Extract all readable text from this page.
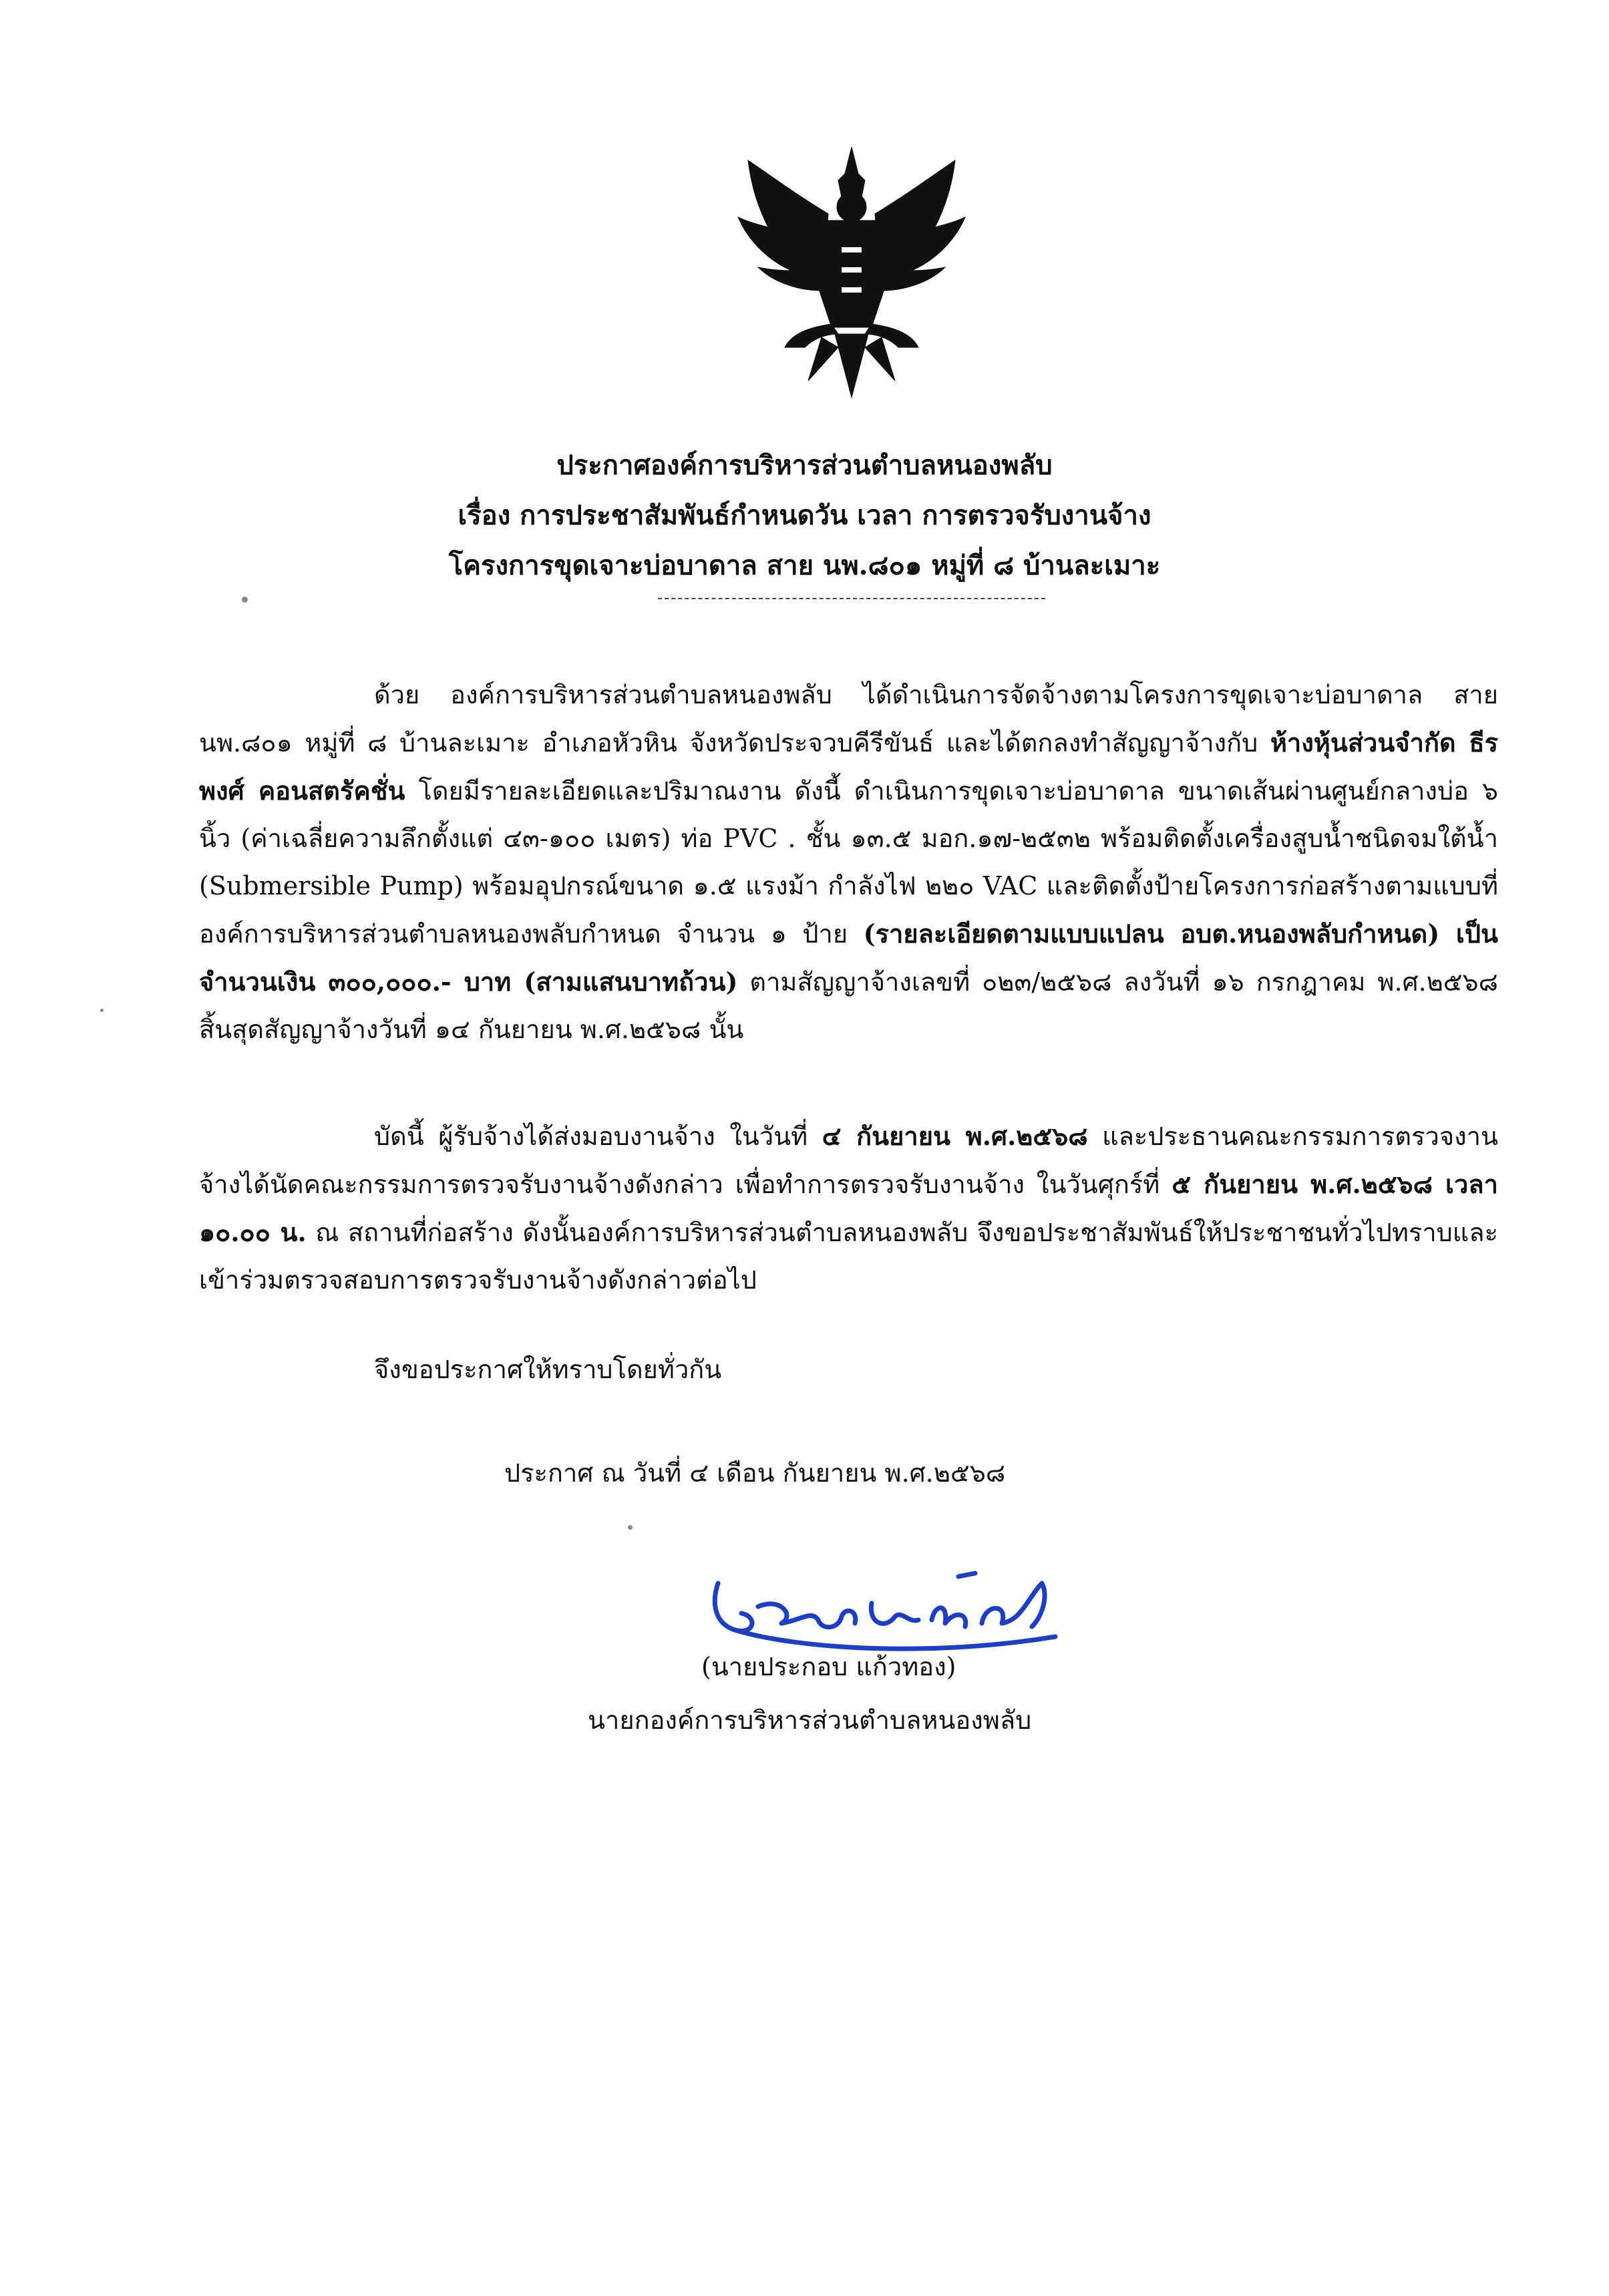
ประกาศองค์การบริหารส่วนตำบลหนองพลับ
เรื่อง การประชาสัมพันธ์กำหนดวัน เวลา การตรวจรับงานจ้าง
โครงการขุดเจาะบ่อบาดาล สาย นพ.๘๐๑ หมู่ที่ ๘ บ้านละเมาะ
ด้วย องค์การบริหารส่วนตำบลหนองพลับ ได้ดำเนินการจัดจ้างตามโครงการขุดเจาะบ่อบาดาล สาย นพ.๘๐๑ หมู่ที่ ๘ บ้านละเมาะ อำเภอหัวหิน จังหวัดประจวบคีรีขันธ์ และได้ตกลงทำสัญญาจ้างกับ ห้างหุ้นส่วนจำกัด ธีรพงศ์ คอนสตรัคชั่น โดยมีรายละเอียดและปริมาณงาน ดังนี้ ดำเนินการขุดเจาะบ่อบาดาล ขนาดเส้นผ่านศูนย์กลางบ่อ ๖ นิ้ว (ค่าเฉลี่ยความลึกตั้งแต่ ๔๓-๑๐๐ เมตร) ท่อ PVC . ชั้น ๑๓.๕ มอก.๑๗-๒๕๓๒ พร้อมติดตั้งเครื่องสูบน้ำชนิดจมใต้น้ำ (Submersible Pump) พร้อมอุปกรณ์ขนาด ๑.๕ แรงม้า กำลังไฟ ๒๒๐ VAC และติดตั้งป้ายโครงการก่อสร้างตามแบบที่องค์การบริหารส่วนตำบลหนองพลับกำหนด จำนวน ๑ ป้าย (รายละเอียดตามแบบแปลน อบต.หนองพลับกำหนด) เป็นจำนวนเงิน ๓๐๐,๐๐๐.- บาท (สามแสนบาทถ้วน) ตามสัญญาจ้างเลขที่ ๐๒๓/๒๕๖๘ ลงวันที่ ๑๖ กรกฎาคม พ.ศ.๒๕๖๘ สิ้นสุดสัญญาจ้างวันที่ ๑๔ กันยายน พ.ศ.๒๕๖๘ นั้น
บัดนี้ ผู้รับจ้างได้ส่งมอบงานจ้าง ในวันที่ ๔ กันยายน พ.ศ.๒๕๖๘ และประธานคณะกรรมการตรวจงานจ้างได้นัดคณะกรรมการตรวจรับงานจ้างดังกล่าว เพื่อทำการตรวจรับงานจ้าง ในวันศุกร์ที่ ๕ กันยายน พ.ศ.๒๕๖๘ เวลา ๑๐.๐๐ น. ณ สถานที่ก่อสร้าง ดังนั้นองค์การบริหารส่วนตำบลหนองพลับ จึงขอประชาสัมพันธ์ให้ประชาชนทั่วไปทราบและเข้าร่วมตรวจสอบการตรวจรับงานจ้างดังกล่าวต่อไป
จึงขอประกาศให้ทราบโดยทั่วกัน
ประกาศ ณ วันที่ ๔ เดือน กันยายน พ.ศ.๒๕๖๘
(นายประกอบ แก้วทอง)
นายกองค์การบริหารส่วนตำบลหนองพลับ
